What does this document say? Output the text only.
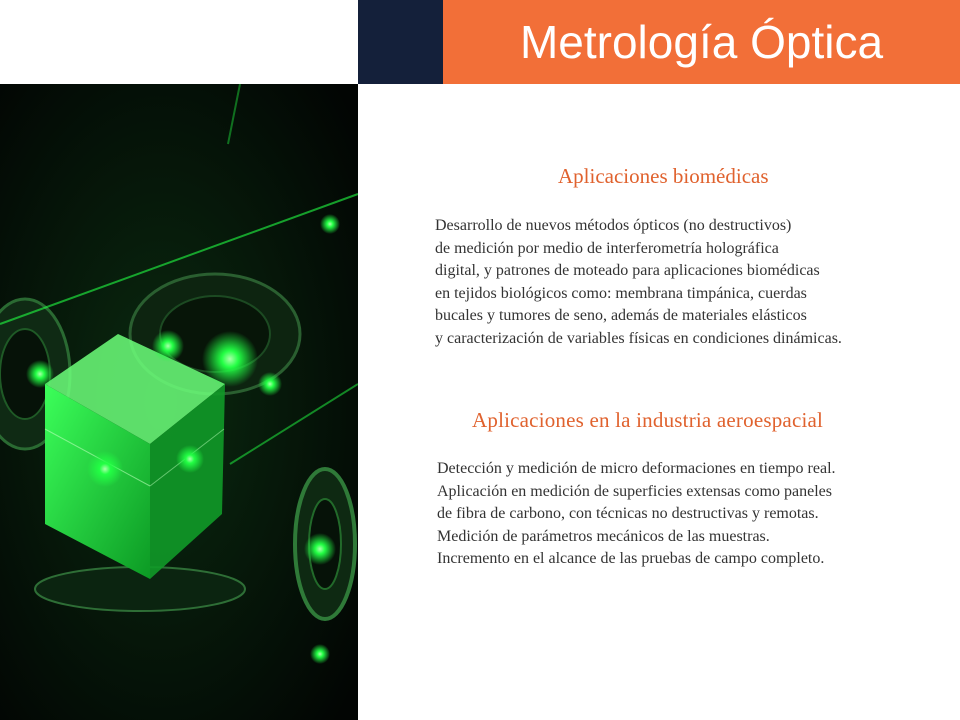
Metrología Óptica
Aplicaciones biomédicas
Desarrollo de nuevos métodos ópticos (no destructivos)
de medición por medio de interferometría holográfica
digital, y patrones de moteado para aplicaciones biomédicas
en tejidos biológicos como: membrana timpánica, cuerdas
bucales y tumores de seno, además de materiales elásticos
y caracterización de variables físicas en condiciones dinámicas.
Aplicaciones en la industria aeroespacial
Detección y medición de micro deformaciones en tiempo real.
Aplicación en medición de superficies extensas como paneles
de fibra de carbono, con técnicas no destructivas y remotas.
Medición de parámetros mecánicos de las muestras.
Incremento en el alcance de las pruebas de campo completo.
